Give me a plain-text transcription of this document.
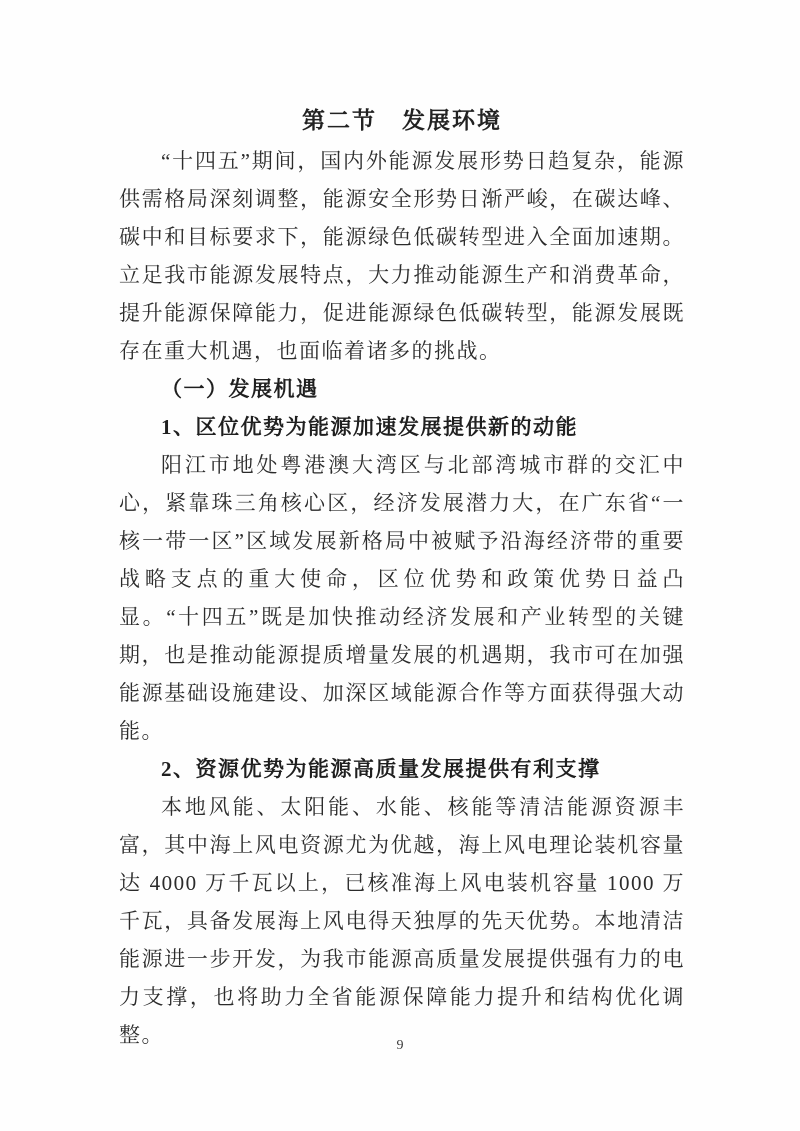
第二节　发展环境

“十四五”期间，国内外能源发展形势日趋复杂，能源供需格局深刻调整，能源安全形势日渐严峻，在碳达峰、碳中和目标要求下，能源绿色低碳转型进入全面加速期。立足我市能源发展特点，大力推动能源生产和消费革命，提升能源保障能力，促进能源绿色低碳转型，能源发展既存在重大机遇，也面临着诸多的挑战。

（一）发展机遇

1、区位优势为能源加速发展提供新的动能

阳江市地处粤港澳大湾区与北部湾城市群的交汇中心，紧靠珠三角核心区，经济发展潜力大，在广东省“一核一带一区”区域发展新格局中被赋予沿海经济带的重要战略支点的重大使命，区位优势和政策优势日益凸显。“十四五”既是加快推动经济发展和产业转型的关键期，也是推动能源提质增量发展的机遇期，我市可在加强能源基础设施建设、加深区域能源合作等方面获得强大动能。

2、资源优势为能源高质量发展提供有利支撑

本地风能、太阳能、水能、核能等清洁能源资源丰富，其中海上风电资源尤为优越，海上风电理论装机容量达 4000 万千瓦以上，已核准海上风电装机容量 1000 万千瓦，具备发展海上风电得天独厚的先天优势。本地清洁能源进一步开发，为我市能源高质量发展提供强有力的电力支撑，也将助力全省能源保障能力提升和结构优化调整。	9
